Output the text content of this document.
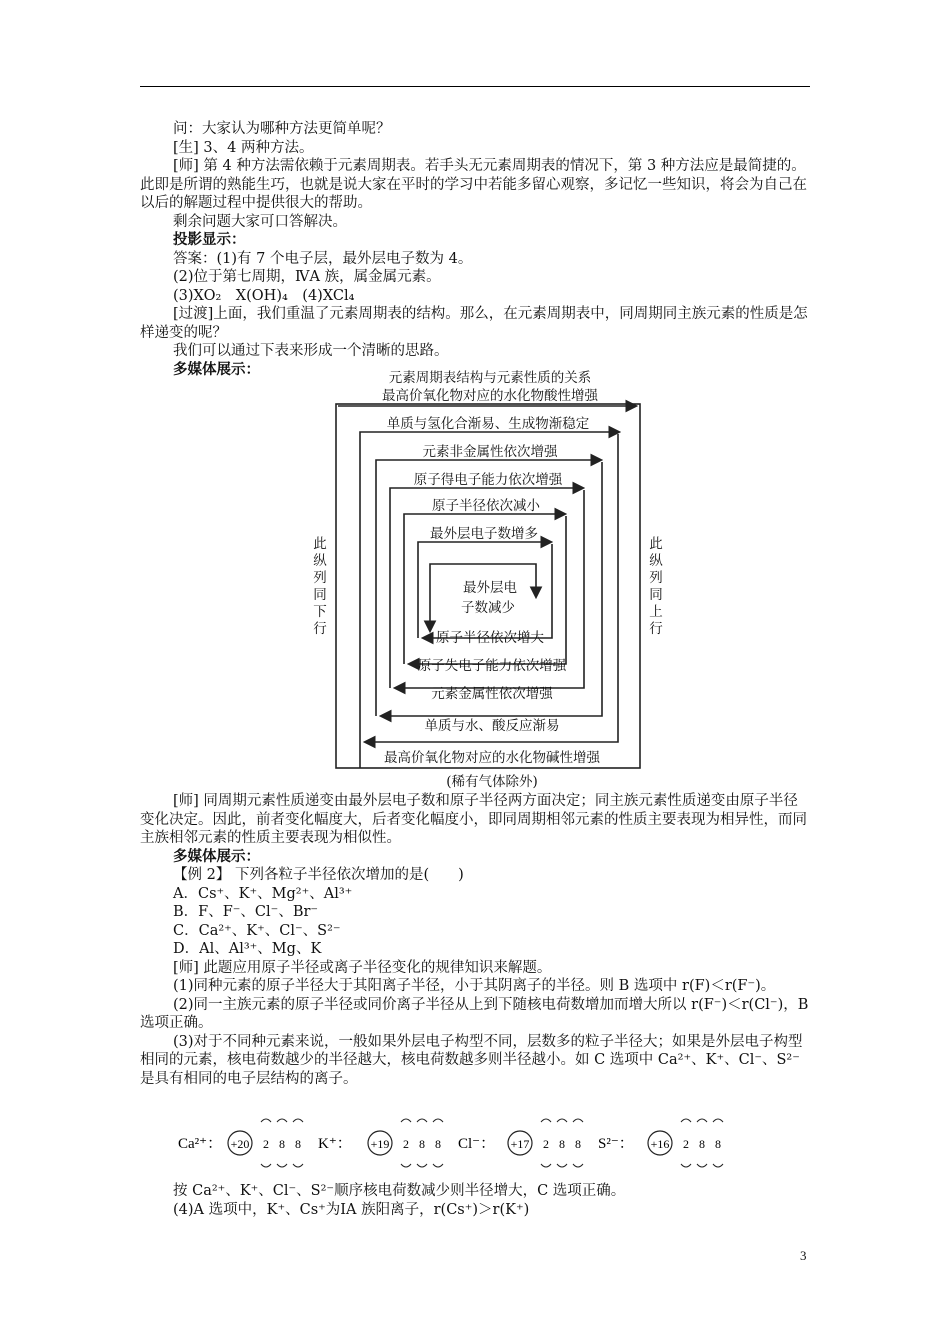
问：大家认为哪种方法更简单呢？

[生] 3、4 两种方法。

[师] 第 4 种方法需依赖于元素周期表。若手头无元素周期表的情况下，第 3 种方法应是最简捷的。此即是所谓的熟能生巧，也就是说大家在平时的学习中若能多留心观察，多记忆一些知识，将会为自己在以后的解题过程中提供很大的帮助。

剩余问题大家可口答解决。

投影显示：

答案：(1)有 7 个电子层，最外层电子数为 4。

(2)位于第七周期，ⅣA 族，属金属元素。

(3)XO₂　X(OH)₄　(4)XCl₄

[过渡]上面，我们重温了元素周期表的结构。那么，在元素周期表中，同周期同主族元素的性质是怎样递变的呢？

我们可以通过下表来形成一个清晰的思路。

多媒体展示：

元素周期表结构与元素性质的关系
最高价氧化物对应的水化物酸性增强
单质与氢化合渐易、生成物渐稳定
元素非金属性依次增强
原子得电子能力依次增强
原子半径依次减小
最外层电子数增多
最外层电
子数减少
原子半径依次增大
原子失电子能力依次增强
元素金属性依次增强
单质与水、酸反应渐易
最高价氧化物对应的水化物碱性增强
此纵列同下行
此纵列同上行
(稀有气体除外)

[师] 同周期元素性质递变由最外层电子数和原子半径两方面决定；同主族元素性质递变由原子半径变化决定。因此，前者变化幅度大，后者变化幅度小，即同周期相邻元素的性质主要表现为相异性，而同主族相邻元素的性质主要表现为相似性。

多媒体展示：

【例 2】 下列各粒子半径依次增加的是(　　)

A．Cs⁺、K⁺、Mg²⁺、Al³⁺

B．F、F⁻、Cl⁻、Br⁻

C．Ca²⁺、K⁺、Cl⁻、S²⁻

D．Al、Al³⁺、Mg、K

[师] 此题应用原子半径或离子半径变化的规律知识来解题。

(1)同种元素的原子半径大于其阳离子半径，小于其阴离子的半径。则 B 选项中 r(F)＜r(F⁻)。

(2)同一主族元素的原子半径或同价离子半径从上到下随核电荷数增加而增大所以 r(F⁻)＜r(Cl⁻)，B 选项正确。

(3)对于不同种元素来说，一般如果外层电子构型不同，层数多的粒子半径大；如果是外层电子构型相同的元素，核电荷数越少的半径越大，核电荷数越多则半径越小。如 C 选项中 Ca²⁺、K⁺、Cl⁻、S²⁻是具有相同的电子层结构的离子。

Ca²⁺： +20 2 8 8 K⁺： +19 2 8 8 Cl⁻： +17 2 8 8 S²⁻： +16 2 8 8

按 Ca²⁺、K⁺、Cl⁻、S²⁻顺序核电荷数减少则半径增大，C 选项正确。

(4)A 选项中，K⁺、Cs⁺为ⅠA 族阳离子，r(Cs⁺)＞r(K⁺)

3
